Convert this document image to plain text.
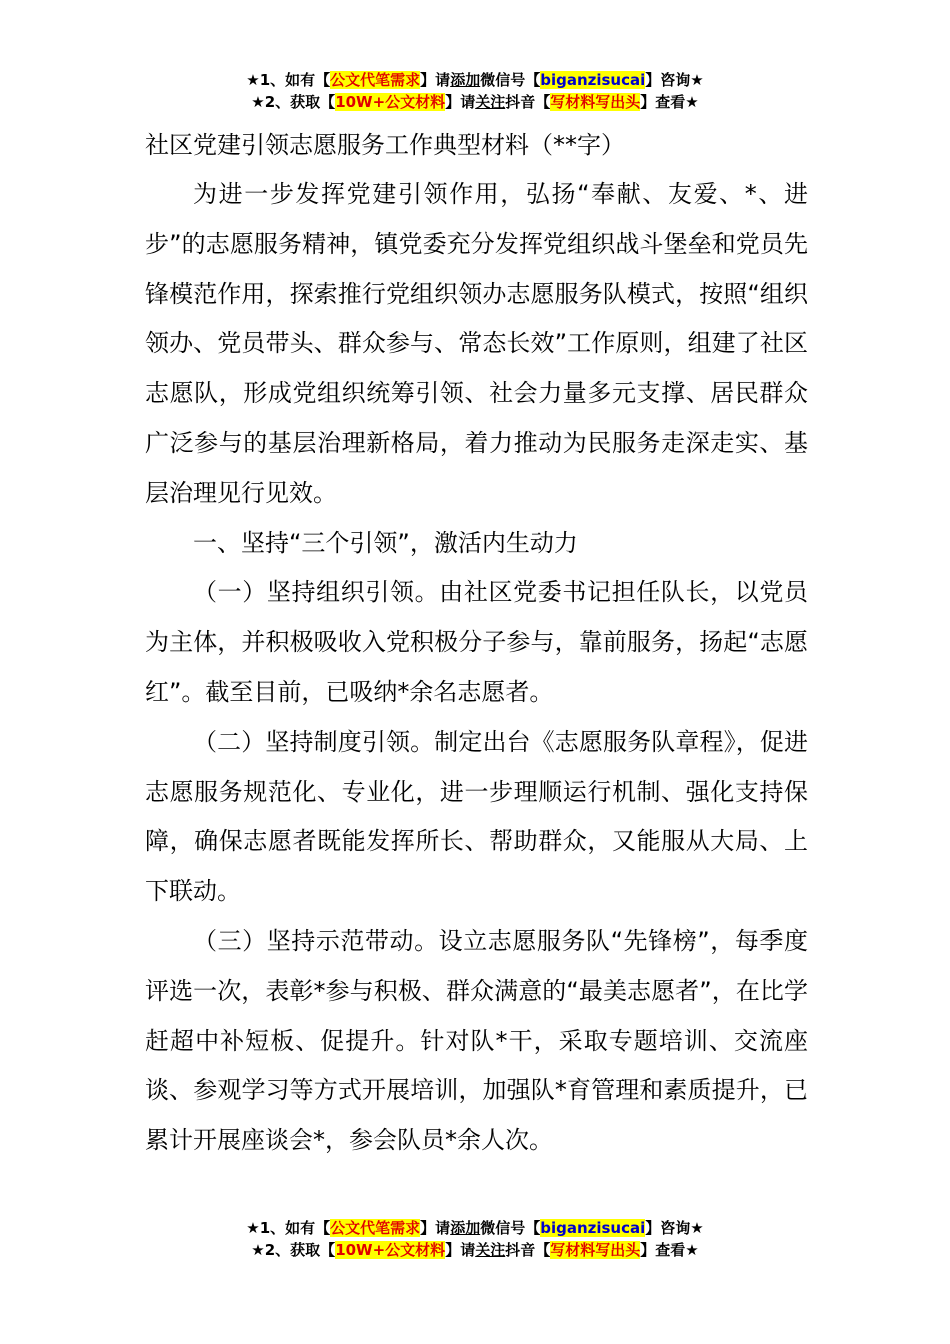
★1、如有【公文代笔需求】请添加微信号【biganzisucai】咨询★
★2、获取【10W+公文材料】请关注抖音【写材料写出头】查看★

社区党建引领志愿服务工作典型材料（**字）

为进一步发挥党建引领作用，弘扬“奉献、友爱、*、进步”的志愿服务精神，镇党委充分发挥党组织战斗堡垒和党员先锋模范作用，探索推行党组织领办志愿服务队模式，按照“组织领办、党员带头、群众参与、常态长效”工作原则，组建了社区志愿队，形成党组织统筹引领、社会力量多元支撑、居民群众广泛参与的基层治理新格局，着力推动为民服务走深走实、基层治理见行见效。

一、坚持“三个引领”，激活内生动力

（一）坚持组织引领。由社区党委书记担任队长，以党员为主体，并积极吸收入党积极分子参与，靠前服务，扬起“志愿红”。截至目前，已吸纳*余名志愿者。

（二）坚持制度引领。制定出台《志愿服务队章程》，促进志愿服务规范化、专业化，进一步理顺运行机制、强化支持保障，确保志愿者既能发挥所长、帮助群众，又能服从大局、上下联动。

（三）坚持示范带动。设立志愿服务队“先锋榜”，每季度评选一次，表彰*参与积极、群众满意的“最美志愿者”，在比学赶超中补短板、促提升。针对队*干，采取专题培训、交流座谈、参观学习等方式开展培训，加强队*育管理和素质提升，已累计开展座谈会*，参会队员*余人次。

★1、如有【公文代笔需求】请添加微信号【biganzisucai】咨询★
★2、获取【10W+公文材料】请关注抖音【写材料写出头】查看★
